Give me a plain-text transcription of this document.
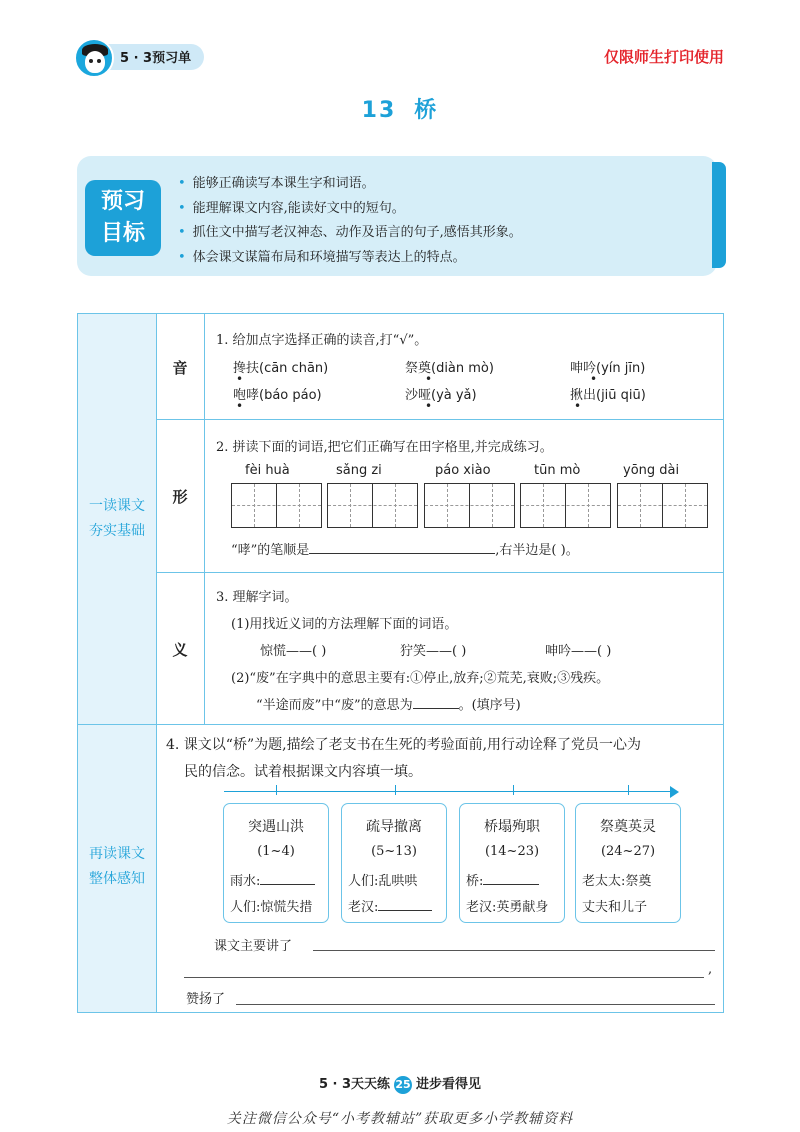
5 · 3预习单	仅限师生打印使用
13 桥
预习
目标
• 能够正确读写本课生字和词语。
• 能理解课文内容,能读好文中的短句。
• 抓住文中描写老汉神态、动作及语言的句子,感悟其形象。
• 体会课文谋篇布局和环境描写等表达上的特点。
一读课文
夯实基础
再读课文
整体感知
音
形
义
1. 给加点字选择正确的读音,打“√”。
搀扶(cān chān)	祭奠(diàn mò)	呻吟(yín jīn)
咆哮(báo páo)	沙哑(yà yǎ)	揪出(jiū qiū)
•	•	•
•	•	•
2. 拼读下面的词语,把它们正确写在田字格里,并完成练习。
fèi huà	sǎng zi	páo xiào	tūn mò	yōng dài
“哮”的笔顺是	,右半边是( )。
3. 理解字词。
(1)用找近义词的方法理解下面的词语。
惊慌——( )	狞笑——( )	呻吟——( )
(2)“废”在字典中的意思主要有:①停止,放弃;②荒芜,衰败;③残疾。
“半途而废”中“废”的意思为	。(填序号)
4. 课文以“桥”为题,描绘了老支书在生死的考验面前,用行动诠释了党员一心为
民的信念。试着根据课文内容填一填。
突遇山洪
(1~4)
雨水:
人们:惊慌失措
疏导撤离
(5~13)
人们:乱哄哄
老汉:
桥塌殉职
(14~23)
桥:
老汉:英勇献身
祭奠英灵
(24~27)
老太太:祭奠
丈夫和儿子
课文主要讲了
,
赞扬了
5 · 3天天练 25 进步看得见
关注微信公众号“小考教辅站”获取更多小学教辅资料
